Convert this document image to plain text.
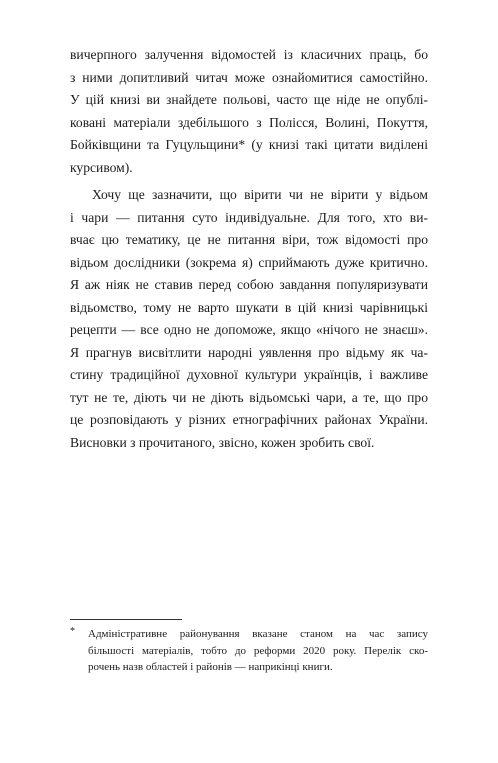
вичерпного залучення відомостей із класичних праць, бо
з ними допитливий читач може ознайомитися самостійно.
У цій книзі ви знайдете польові, часто ще ніде не опублі-
ковані матеріали здебільшого з Полісся, Волині, Покуття,
Бойківщини та Гуцульщини* (у книзі такі цитати виділені
курсивом).
Хочу ще зазначити, що вірити чи не вірити у відьом
і чари — питання суто індивідуальне. Для того, хто ви-
вчає цю тематику, це не питання віри, тож відомості про
відьом дослідники (зокрема я) сприймають дуже критично.
Я аж ніяк не ставив перед собою завдання популяризувати
відьомство, тому не варто шукати в цій книзі чарівницькі
рецепти — все одно не допоможе, якщо «нічого не знаєш».
Я прагнув висвітлити народні уявлення про відьму як ча-
стину традиційної духовної культури українців, і важливе
тут не те, діють чи не діють відьомські чари, а те, що про
це розповідають у різних етнографічних районах України.
Висновки з прочитаного, звісно, кожен зробить свої.
* Адміністративне районування вказане станом на час запису
більшості матеріалів, тобто до реформи 2020 року. Перелік ско-
рочень назв областей і районів — наприкінці книги.
